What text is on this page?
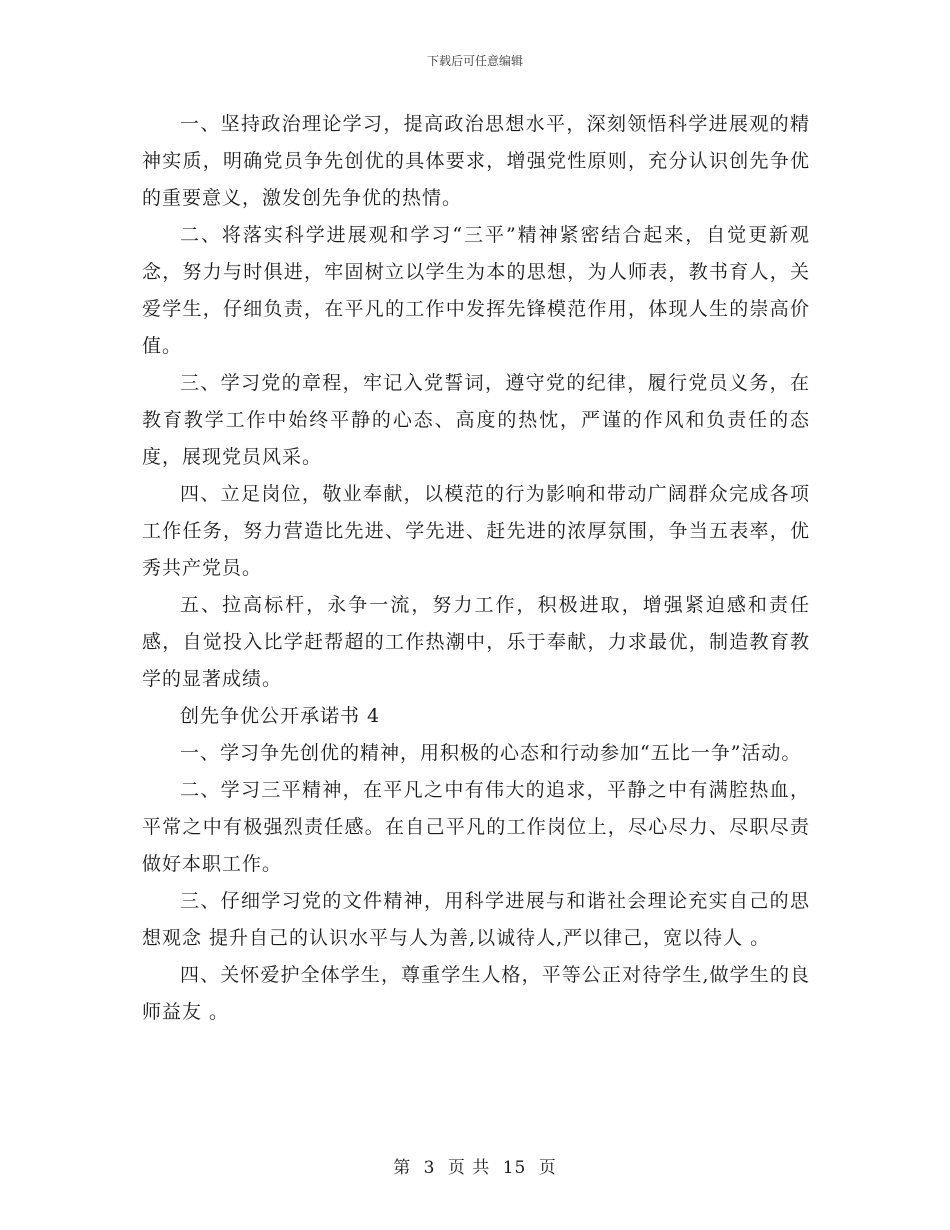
下载后可任意编辑

一、坚持政治理论学习，提高政治思想水平，深刻领悟科学进展观的精神实质，明确党员争先创优的具体要求，增强党性原则，充分认识创先争优的重要意义，激发创先争优的热情。

二、将落实科学进展观和学习“三平”精神紧密结合起来，自觉更新观念，努力与时俱进，牢固树立以学生为本的思想，为人师表，教书育人，关爱学生，仔细负责，在平凡的工作中发挥先锋模范作用，体现人生的崇高价值。

三、学习党的章程，牢记入党誓词，遵守党的纪律，履行党员义务，在教育教学工作中始终平静的心态、高度的热忱，严谨的作风和负责任的态度，展现党员风采。

四、立足岗位，敬业奉献，以模范的行为影响和带动广阔群众完成各项工作任务，努力营造比先进、学先进、赶先进的浓厚氛围，争当五表率，优秀共产党员。

五、拉高标杆，永争一流，努力工作，积极进取，增强紧迫感和责任感，自觉投入比学赶帮超的工作热潮中，乐于奉献，力求最优，制造教育教学的显著成绩。

创先争优公开承诺书 4

一、学习争先创优的精神，用积极的心态和行动参加“五比一争”活动。

二、学习三平精神，在平凡之中有伟大的追求，平静之中有满腔热血，平常之中有极强烈责任感。在自己平凡的工作岗位上，尽心尽力、尽职尽责做好本职工作。

三、仔细学习党的文件精神，用科学进展与和谐社会理论充实自己的思想观念 提升自己的认识水平与人为善,以诚待人,严以律己，宽以待人 。

四、关怀爱护全体学生，尊重学生人格，平等公正对待学生,做学生的良师益友 。

第 3 页 共 15 页
